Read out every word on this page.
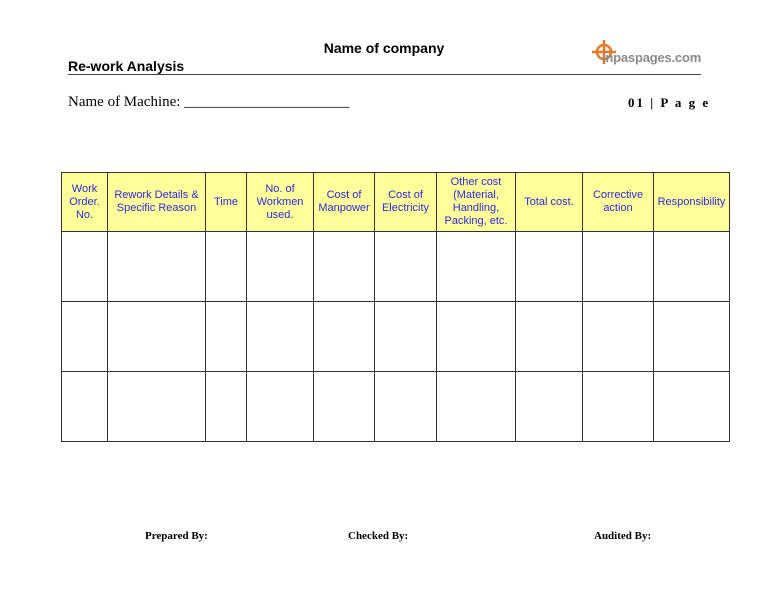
Name of company
inpaspages.com
Re-work Analysis
Name of Machine: ______________________	01 | P a g e
Work Order. No.	Rework Details & Specific Reason	Time	No. of Workmen used.	Cost of Manpower	Cost of Electricity	Other cost (Material, Handling, Packing, etc.	Total cost.	Corrective action	Responsibility

Prepared By:	Checked By:	Audited By:
